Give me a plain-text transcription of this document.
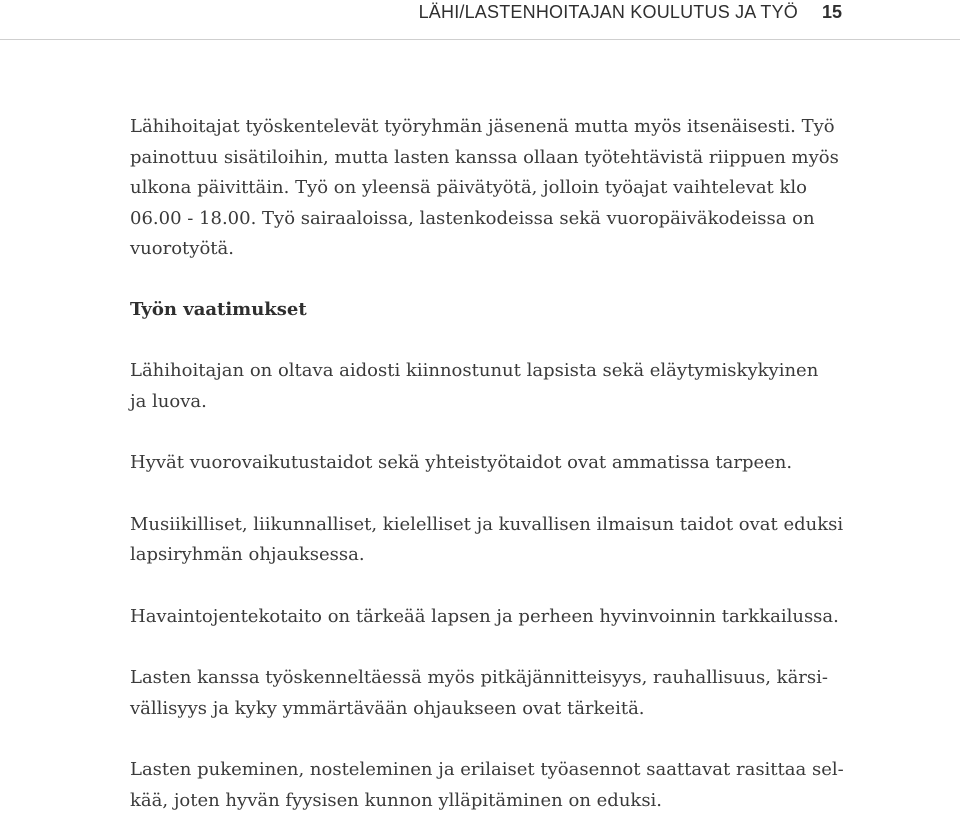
LÄHI/LASTENHOITAJAN KOULUTUS JA TYÖ 15

Lähihoitajat työskentelevät työryhmän jäsenenä mutta myös itsenäisesti. Työ
painottuu sisätiloihin, mutta lasten kanssa ollaan työtehtävistä riippuen myös
ulkona päivittäin. Työ on yleensä päivätyötä, jolloin työajat vaihtelevat klo
06.00 - 18.00. Työ sairaaloissa, lastenkodeissa sekä vuoropäiväkodeissa on
vuorotyötä.

Työn vaatimukset

Lähihoitajan on oltava aidosti kiinnostunut lapsista sekä eläytymiskykyinen
ja luova.

Hyvät vuorovaikutustaidot sekä yhteistyötaidot ovat ammatissa tarpeen.

Musiikilliset, liikunnalliset, kielelliset ja kuvallisen ilmaisun taidot ovat eduksi
lapsiryhmän ohjauksessa.

Havaintojentekotaito on tärkeää lapsen ja perheen hyvinvoinnin tarkkailussa.

Lasten kanssa työskenneltäessä myös pitkäjännitteisyys, rauhallisuus, kärsi-
vällisyys ja kyky ymmärtävään ohjaukseen ovat tärkeitä.

Lasten pukeminen, nosteleminen ja erilaiset työasennot saattavat rasittaa sel-
kää, joten hyvän fyysisen kunnon ylläpitäminen on eduksi.
